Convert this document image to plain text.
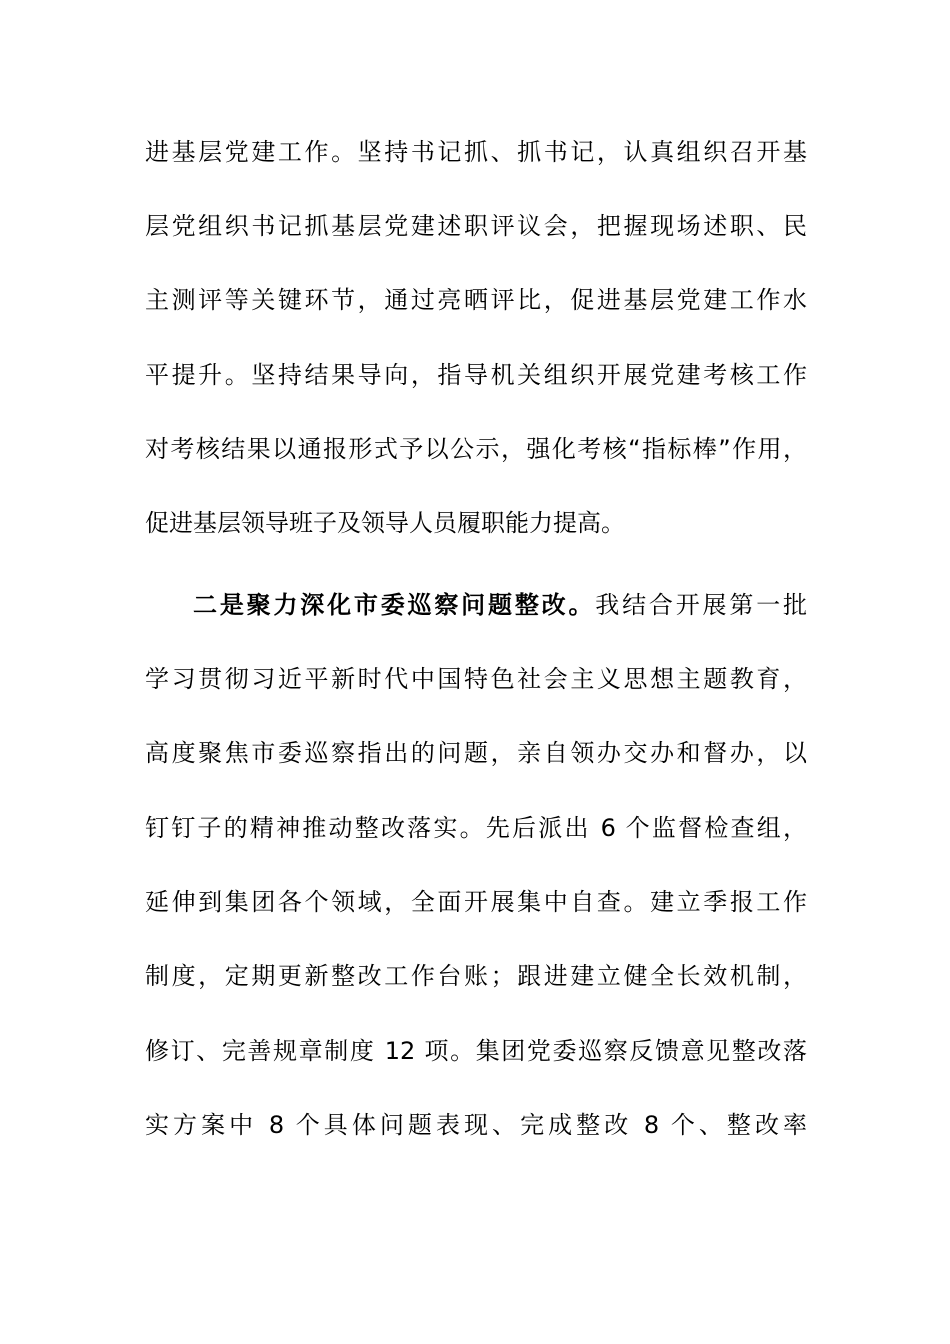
进基层党建工作。坚持书记抓、抓书记，认真组织召开基
层党组织书记抓基层党建述职评议会，把握现场述职、民
主测评等关键环节，通过亮晒评比，促进基层党建工作水
平提升。坚持结果导向，指导机关组织开展党建考核工作
对考核结果以通报形式予以公示，强化考核“指标棒”作用，
促进基层领导班子及领导人员履职能力提高。
二是聚力深化市委巡察问题整改。我结合开展第一批
学习贯彻习近平新时代中国特色社会主义思想主题教育，
高度聚焦市委巡察指出的问题，亲自领办交办和督办，以
钉钉子的精神推动整改落实。先后派出 6 个监督检查组，
延伸到集团各个领域，全面开展集中自查。建立季报工作
制度，定期更新整改工作台账；跟进建立健全长效机制，
修订、完善规章制度 12 项。集团党委巡察反馈意见整改落
实方案中 8 个具体问题表现、完成整改 8 个、整改率
